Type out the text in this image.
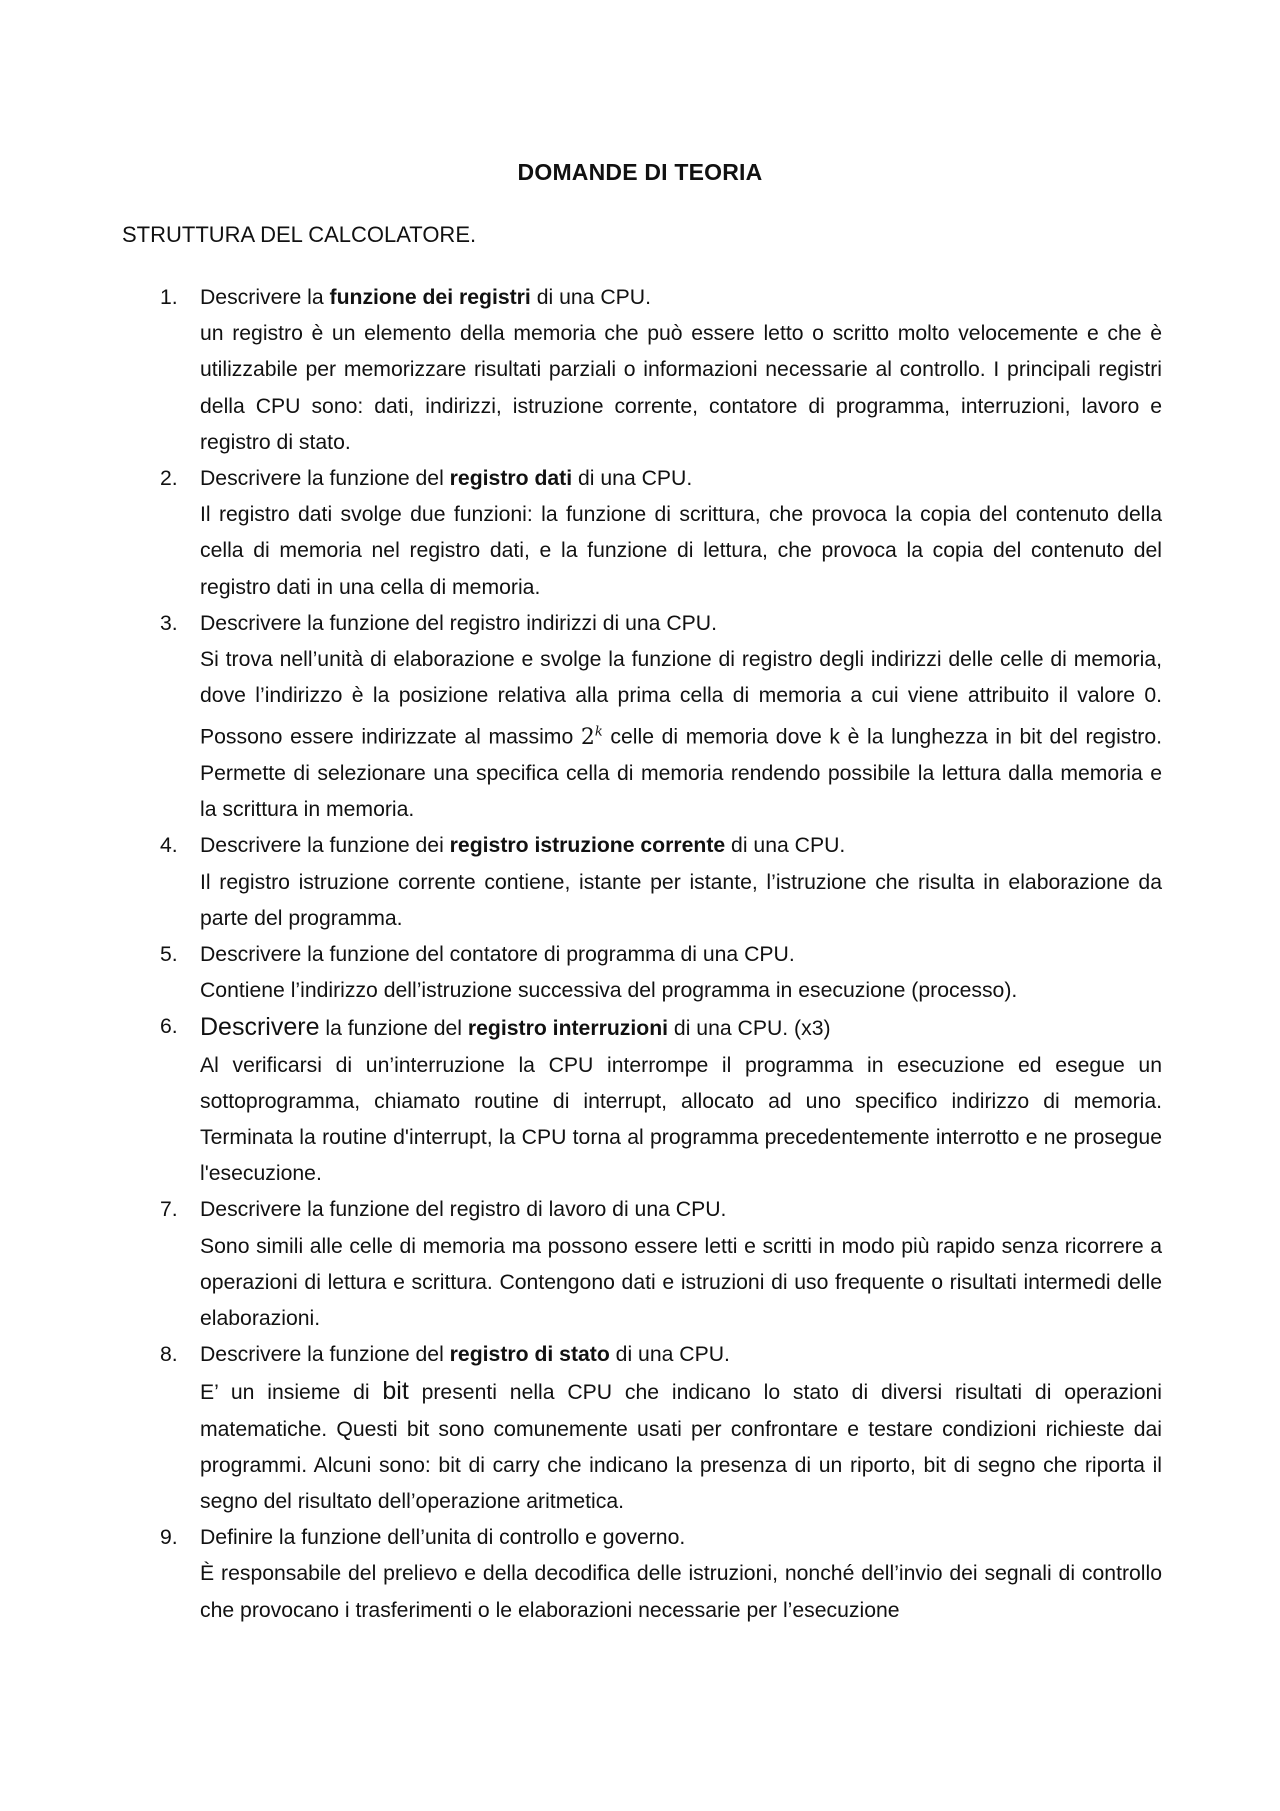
DOMANDE DI TEORIA
STRUTTURA DEL CALCOLATORE.
1.	Descrivere la funzione dei registri di una CPU.
un registro è un elemento della memoria che può essere letto o scritto molto velocemente e che è utilizzabile per memorizzare risultati parziali o informazioni necessarie al controllo. I principali registri della CPU sono: dati, indirizzi, istruzione corrente, contatore di programma, interruzioni, lavoro e registro di stato.
2.	Descrivere la funzione del registro dati di una CPU.
Il registro dati svolge due funzioni: la funzione di scrittura, che provoca la copia del contenuto della cella di memoria nel registro dati, e la funzione di lettura, che provoca la copia del contenuto del registro dati in una cella di memoria.
3.	Descrivere la funzione del registro indirizzi di una CPU.
Si trova nell’unità di elaborazione e svolge la funzione di registro degli indirizzi delle celle di memoria, dove l’indirizzo è la posizione relativa alla prima cella di memoria a cui viene attribuito il valore 0. Possono essere indirizzate al massimo 2$^k$ celle di memoria dove k è la lunghezza in bit del registro. Permette di selezionare una specifica cella di memoria rendendo possibile la lettura dalla memoria e la scrittura in memoria.
4.	Descrivere la funzione dei registro istruzione corrente di una CPU.
Il registro istruzione corrente contiene, istante per istante, l’istruzione che risulta in elaborazione da parte del programma.
5.	Descrivere la funzione del contatore di programma di una CPU.
Contiene l’indirizzo dell’istruzione successiva del programma in esecuzione (processo).
6. Descrivere la funzione del registro interruzioni di una CPU. (x3)
Al verificarsi di un’interruzione la CPU interrompe il programma in esecuzione ed esegue un sottoprogramma, chiamato routine di interrupt, allocato ad uno specifico indirizzo di memoria. Terminata la routine d'interrupt, la CPU torna al programma precedentemente interrotto e ne prosegue l'esecuzione.
7.	Descrivere la funzione del registro di lavoro di una CPU.
Sono simili alle celle di memoria ma possono essere letti e scritti in modo più rapido senza ricorrere a operazioni di lettura e scrittura. Contengono dati e istruzioni di uso frequente o risultati intermedi delle elaborazioni.
8.	Descrivere la funzione del registro di stato di una CPU.
E’ un insieme di bit presenti nella CPU che indicano lo stato di diversi risultati di operazioni matematiche. Questi bit sono comunemente usati per confrontare e testare condizioni richieste dai programmi. Alcuni sono: bit di carry che indicano la presenza di un riporto, bit di segno che riporta il segno del risultato dell’operazione aritmetica.
9.	Definire la funzione dell’unita di controllo e governo.
È responsabile del prelievo e della decodifica delle istruzioni, nonché dell’invio dei segnali di controllo che provocano i trasferimenti o le elaborazioni necessarie per l’esecuzione
